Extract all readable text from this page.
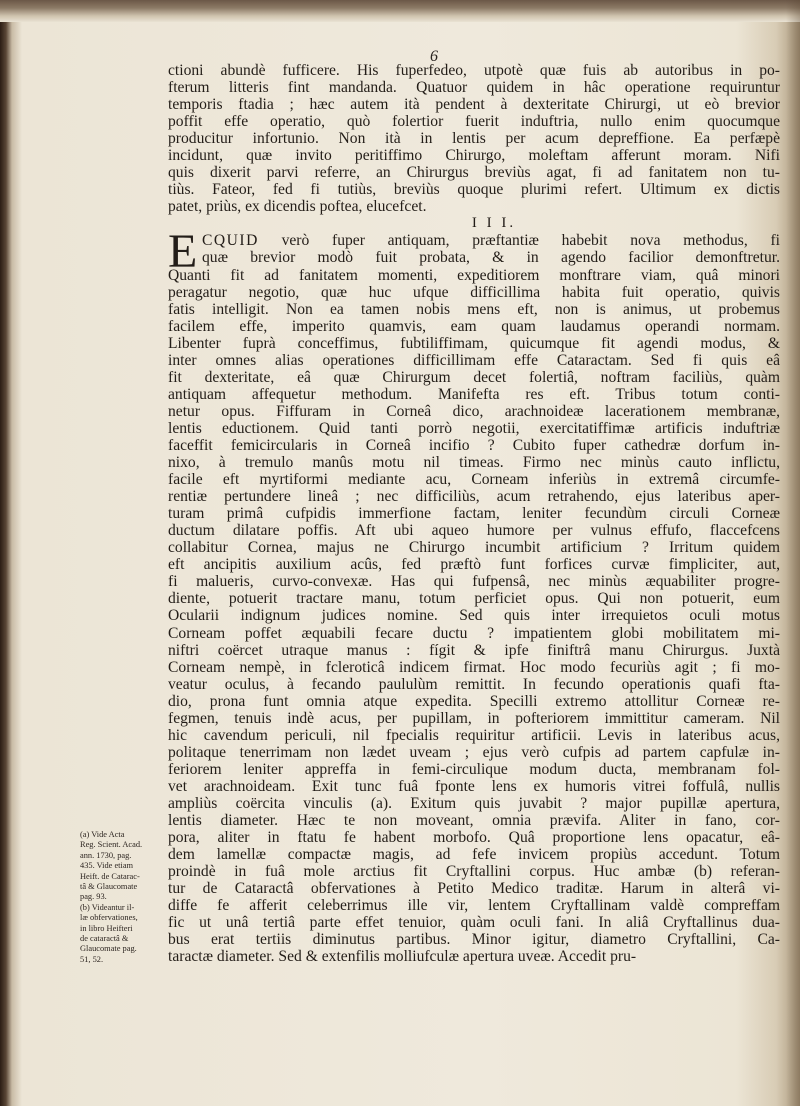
6
ctioni abundè fufficere. His fuperfedeo, utpotè quæ fuis ab autoribus in po-
fterum litteris fint mandanda. Quatuor quidem in hâc operatione requiruntur
temporis ftadia ; hæc autem ità pendent à dexteritate Chirurgi, ut eò brevior
poffit effe operatio, quò folertior fuerit induftria, nullo enim quocumque
producitur infortunio. Non ità in lentis per acum depreffione. Ea perfæpè
incidunt, quæ invito peritiffimo Chirurgo, moleftam afferunt moram. Nifi
quis dixerit parvi referre, an Chirurgus breviùs agat, fi ad fanitatem non tu-
tiùs. Fateor, fed fi tutiùs, breviùs quoque plurimi refert. Ultimum ex dictis
patet, priùs, ex dicendis poftea, elucefcet.
I I I.
E CQUID verò fuper antiquam, præftantiæ habebit nova methodus, fi
quæ brevior modò fuit probata, & in agendo facilior demonftretur.
Quanti fit ad fanitatem momenti, expeditiorem monftrare viam, quâ minori
peragatur negotio, quæ huc ufque difficillima habita fuit operatio, quivis
fatis intelligit. Non ea tamen nobis mens eft, non is animus, ut probemus
facilem effe, imperito quamvis, eam quam laudamus operandi normam.
Libenter fuprà conceffimus, fubtiliffimam, quicumque fit agendi modus, &
inter omnes alias operationes difficillimam effe Cataractam. Sed fi quis eâ
fit dexteritate, eâ quæ Chirurgum decet folertiâ, noftram faciliùs, quàm
antiquam affequetur methodum. Manifefta res eft. Tribus totum conti-
netur opus. Fiffuram in Corneâ dico, arachnoideæ lacerationem membranæ,
lentis eductionem. Quid tanti porrò negotii, exercitatiffimæ artificis induftriæ
faceffit femicircularis in Corneâ incifio ? Cubito fuper cathedræ dorfum in-
nixo, à tremulo manûs motu nil timeas. Firmo nec minùs cauto inflictu,
facile eft myrtiformi mediante acu, Corneam inferiùs in extremâ circumfe-
rentiæ pertundere lineâ ; nec difficiliùs, acum retrahendo, ejus lateribus aper-
turam primâ cufpidis immerfione factam, leniter fecundùm circuli Corneæ
ductum dilatare poffis. Aft ubi aqueo humore per vulnus effufo, flaccefcens
collabitur Cornea, majus ne Chirurgo incumbit artificium ? Irritum quidem
eft ancipitis auxilium acûs, fed præftò funt forfices curvæ fimpliciter, aut,
fi malueris, curvo-convexæ. Has qui fufpensâ, nec minùs æquabiliter progre-
diente, potuerit tractare manu, totum perficiet opus. Qui non potuerit, eum
Ocularii indignum judices nomine. Sed quis inter irrequietos oculi motus
Corneam poffet æquabili fecare ductu ? impatientem globi mobilitatem mi-
niftri coërcet utraque manus : fígit & ipfe finiftrâ manu Chirurgus. Juxtà
Corneam nempè, in fcleroticâ indicem firmat. Hoc modo fecuriùs agit ; fi mo-
veatur oculus, à fecando paululùm remittit. In fecundo operationis quafi fta-
dio, prona funt omnia atque expedita. Specilli extremo attollitur Corneæ re-
fegmen, tenuis indè acus, per pupillam, in pofteriorem immittitur cameram. Nil
hic cavendum periculi, nil fpecialis requiritur artificii. Levis in lateribus acus,
politaque tenerrimam non lædet uveam ; ejus verò cufpis ad partem capfulæ in-
feriorem leniter appreffa in femi-circulique modum ducta, membranam fol-
vet arachnoideam. Exit tunc fuâ fponte lens ex humoris vitrei foffulâ, nullis
ampliùs coërcita vinculis (a). Exitum quis juvabit ? major pupillæ apertura,
lentis diameter. Hæc te non moveant, omnia prævifa. Aliter in fano, cor-
pora, aliter in ftatu fe habent morbofo. Quâ proportione lens opacatur, eâ-
dem lamellæ compactæ magis, ad fefe invicem propiùs accedunt. Totum
proindè in fuâ mole arctius fit Cryftallini corpus. Huc ambæ (b) referan-
tur de Cataractâ obfervationes à Petito Medico traditæ. Harum in alterâ vi-
diffe fe afferit celeberrimus ille vir, lentem Cryftallinam valdè compreffam
fic ut unâ tertiâ parte effet tenuior, quàm oculi fani. In aliâ Cryftallinus dua-
bus erat tertiis diminutus partibus. Minor igitur, diametro Cryftallini, Ca-
taractæ diameter. Sed & extenfilis molliufculæ apertura uveæ. Accedit pru-
(a) Vide Acta
Reg. Scient. Acad.
ann. 1730, pag.
435. Vide etiam
Heift. de Catarac-
tâ & Glaucomate
pag. 93.
(b) Videantur il-
læ obfervationes,
in libro Heifteri
de cataractâ &
Glaucomate pag.
51, 52.
